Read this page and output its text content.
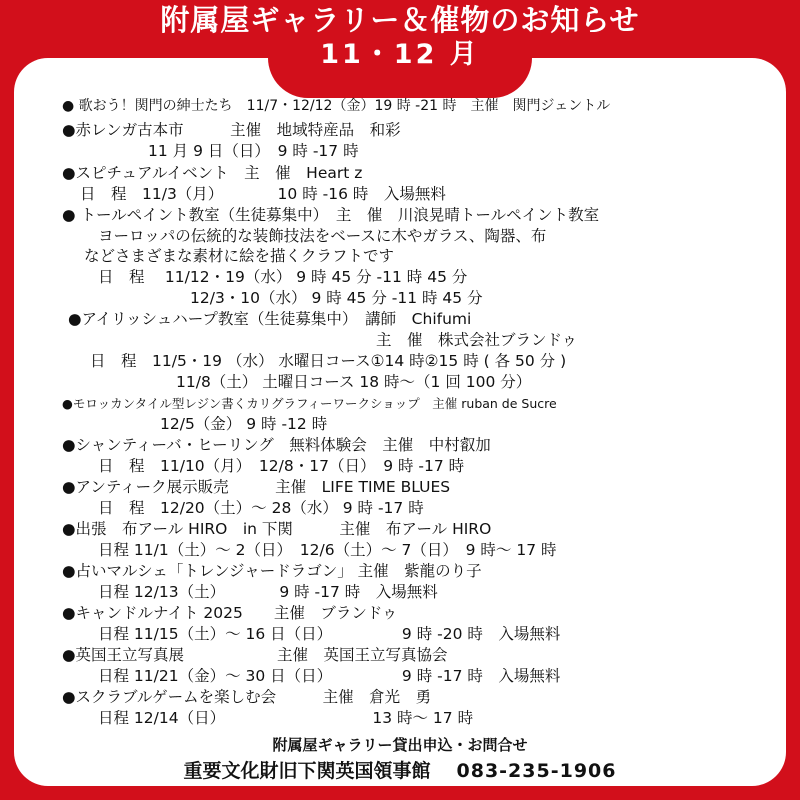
附属屋ギャラリー＆催物のお知らせ
11・12 月
● 歌おう！関門の紳士たち　11/7・12/12（金）19 時 -21 時　主催　関門ジェントル
●赤レンガ古本市　　　主催　地域特産品　和彩
11 月 9 日（日）　9 時 -17 時
●スピチュアルイベント　主　催　Heart z
日　程　11/3（月）　　　　10 時 -16 時　入場無料
● トールペイント教室（生徒募集中）　主　催　川浪晃晴トールペイント教室
ヨーロッパの伝統的な装飾技法をベースに木やガラス、陶器、布
などさまざまな素材に絵を描くクラフトです
日　程　 11/12・19（水） 9 時 45 分 -11 時 45 分
12/3・10（水） 9 時 45 分 -11 時 45 分
●アイリッシュハープ教室（生徒募集中）　講師　Chifumi
主　催　株式会社ブランドゥ
日　程　11/5・19 （水） 水曜日コース①14 時②15 時 ( 各 50 分 )
11/8（土） 土曜日コース 18 時～（1 回 100 分）
●モロッカンタイル型レジン書くカリグラフィーワークショップ　主催 ruban de Sucre
12/5（金） 9 時 -12 時
●シャンティーバ・ヒーリング　無料体験会　主催　中村叡加
日　程　11/10（月）　12/8・17（日）　9 時 -17 時
●アンティーク展示販売　　　主催　LIFE TIME BLUES
日　程　12/20（土）～ 28（水） 9 時 -17 時
●出張　布アール HIRO　in 下関　　　主催　布アール HIRO
日程 11/1（土）～ 2（日）　12/6（土）～ 7（日）　9 時～ 17 時
●占いマルシェ「トレンジャードラゴン」 主催　紫龍のり子
日程 12/13（土）　　　　9 時 -17 時　入場無料
●キャンドルナイト 2025　　主催　ブランドゥ
日程 11/15（土）～ 16 日（日）　　　　　9 時 -20 時　入場無料
●英国王立写真展　　　　　　主催　英国王立写真協会
日程 11/21（金）～ 30 日（日）　　　　　9 時 -17 時　入場無料
●スクラブルゲームを楽しむ会　　　主催　倉光　勇
日程 12/14（日）　　　　　　　　　　13 時～ 17 時
附属屋ギャラリー貸出申込・お問合せ
重要文化財旧下関英国領事館 083-235-1906
